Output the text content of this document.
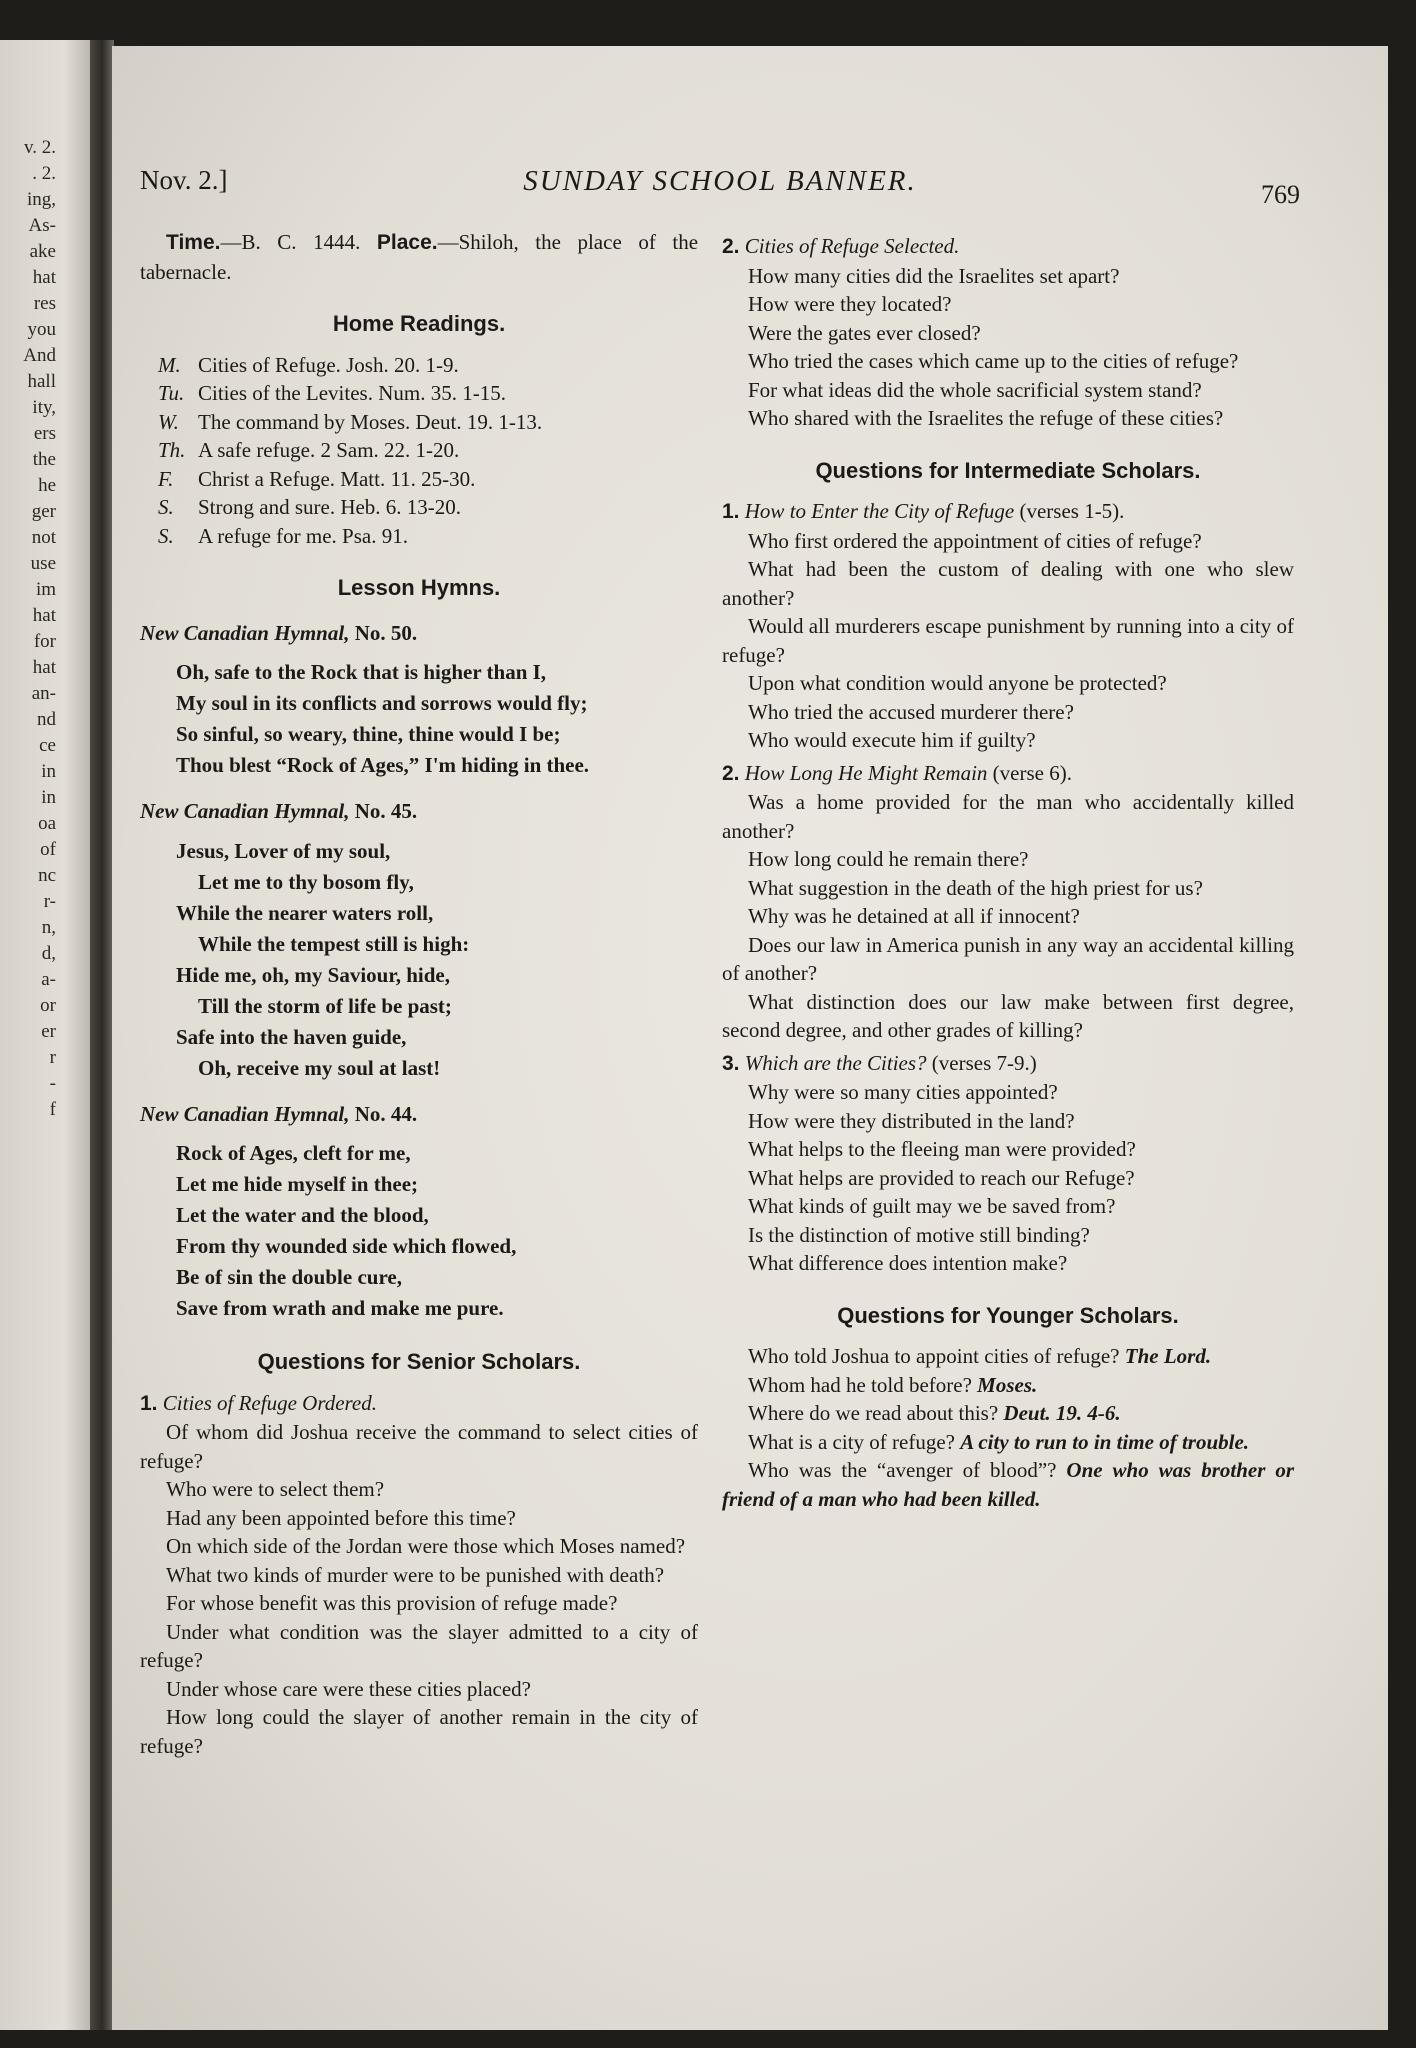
v. 2.
. 2.
ing,
As-
ake
hat
res
you
And
hall
ity,
ers
the
he
ger
not
use
im
hat
for
hat
an-
nd
ce
in
in
oa
of
nc
r-
n,
d,
a-
or
er
r
-
f
Nov. 2.]	SUNDAY SCHOOL BANNER.	769

Time.—B. C. 1444. Place.—Shiloh, the place of the tabernacle.

Home Readings.
M. Cities of Refuge. Josh. 20. 1-9.
Tu. Cities of the Levites. Num. 35. 1-15.
W. The command by Moses. Deut. 19. 1-13.
Th. A safe refuge. 2 Sam. 22. 1-20.
F.	Christ a Refuge. Matt. 11. 25-30.
S.	Strong and sure. Heb. 6. 13-20.
S.	A refuge for me. Psa. 91.
Lesson Hymns.

New Canadian Hymnal, No. 50.

Oh, safe to the Rock that is higher than I,
My soul in its conflicts and sorrows would fly;
So sinful, so weary, thine, thine would I be;
Thou blest “Rock of Ages,” I'm hiding in thee.

New Canadian Hymnal, No. 45.

Jesus, Lover of my soul,
Let me to thy bosom fly,
While the nearer waters roll,
While the tempest still is high:
Hide me, oh, my Saviour, hide,
Till the storm of life be past;
Safe into the haven guide,
Oh, receive my soul at last!

New Canadian Hymnal, No. 44.

Rock of Ages, cleft for me,
Let me hide myself in thee;
Let the water and the blood,
From thy wounded side which flowed,
Be of sin the double cure,
Save from wrath and make me pure.
Questions for Senior Scholars.

1. Cities of Refuge Ordered.

Of whom did Joshua receive the command to select cities of refuge?

Who were to select them?

Had any been appointed before this time?

On which side of the Jordan were those which Moses named?

What two kinds of murder were to be punished with death?

For whose benefit was this provision of refuge made?

Under what condition was the slayer admitted to a city of refuge?

Under whose care were these cities placed?

How long could the slayer of another remain in the city of refuge?

2. Cities of Refuge Selected.

How many cities did the Israelites set apart?

How were they located?

Were the gates ever closed?

Who tried the cases which came up to the cities of refuge?

For what ideas did the whole sacrificial system stand?

Who shared with the Israelites the refuge of these cities?

Questions for Intermediate Scholars.

1. How to Enter the City of Refuge (verses 1-5).

Who first ordered the appointment of cities of refuge?

What had been the custom of dealing with one who slew another?

Would all murderers escape punishment by running into a city of refuge?

Upon what condition would anyone be protected?

Who tried the accused murderer there?

Who would execute him if guilty?

2. How Long He Might Remain (verse 6).

Was a home provided for the man who accidentally killed another?

How long could he remain there?

What suggestion in the death of the high priest for us?

Why was he detained at all if innocent?

Does our law in America punish in any way an accidental killing of another?

What distinction does our law make between first degree, second degree, and other grades of killing?

3. Which are the Cities? (verses 7-9.)

Why were so many cities appointed?

How were they distributed in the land?

What helps to the fleeing man were provided?

What helps are provided to reach our Refuge?

What kinds of guilt may we be saved from?

Is the distinction of motive still binding?

What difference does intention make?

Questions for Younger Scholars.

Who told Joshua to appoint cities of refuge? The Lord.

Whom had he told before? Moses.

Where do we read about this? Deut. 19. 4-6.

What is a city of refuge? A city to run to in time of trouble.

Who was the “avenger of blood”? One who was brother or friend of a man who had been killed.
